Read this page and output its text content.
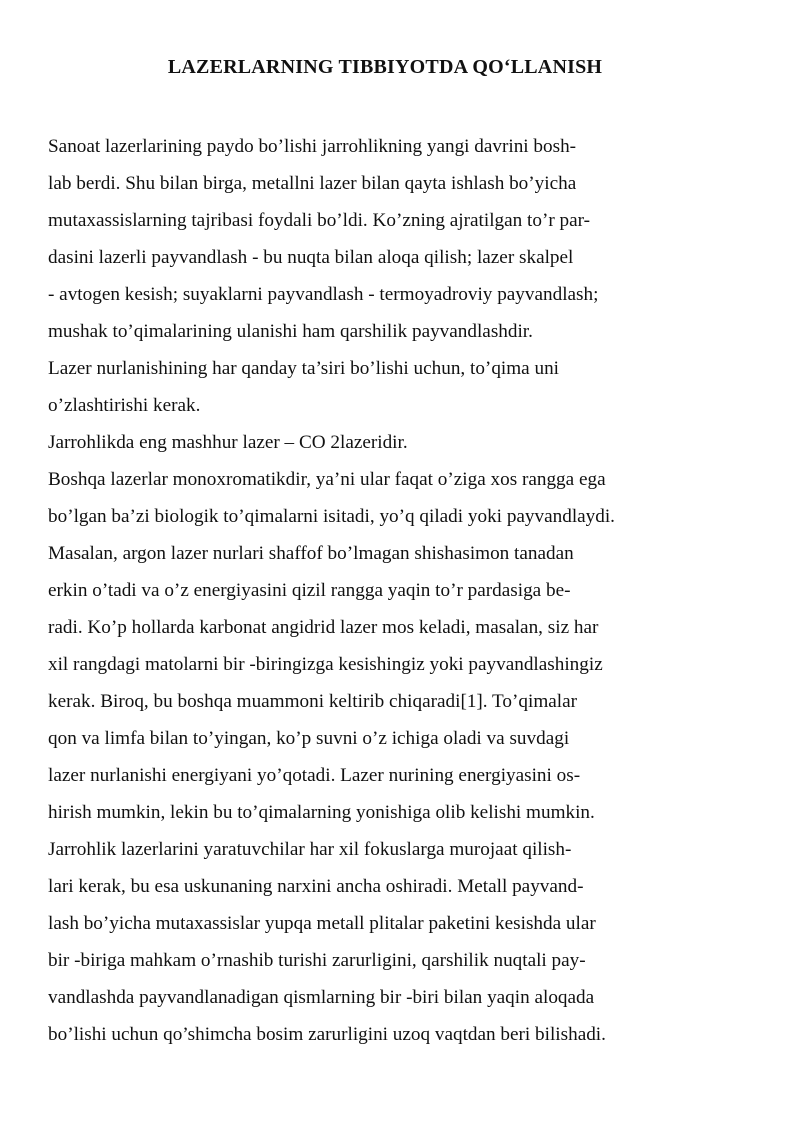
LAZERLARNING TIBBIYOTDA QO‘LLANISH
Sanoat lazerlarining paydo bo’lishi jarrohlikning yangi davrini bosh-
lab berdi. Shu bilan birga, metallni lazer bilan qayta ishlash bo’yicha
mutaxassislarning tajribasi foydali bo’ldi. Ko’zning ajratilgan to’r par-
dasini lazerli payvandlash - bu nuqta bilan aloqa qilish; lazer skalpel
- avtogen kesish; suyaklarni payvandlash - termoyadroviy payvandlash;
mushak to’qimalarining ulanishi ham qarshilik payvandlashdir.
Lazer nurlanishining har qanday ta’siri bo’lishi uchun, to’qima uni
o’zlashtirishi kerak.
Jarrohlikda eng mashhur lazer – CO 2lazeridir.
Boshqa lazerlar monoxromatikdir, ya’ni ular faqat o’ziga xos rangga ega
bo’lgan ba’zi biologik to’qimalarni isitadi, yo’q qiladi yoki payvandlaydi.
Masalan, argon lazer nurlari shaffof bo’lmagan shishasimon tanadan
erkin o’tadi va o’z energiyasini qizil rangga yaqin to’r pardasiga be-
radi. Ko’p hollarda karbonat angidrid lazer mos keladi, masalan, siz har
xil rangdagi matolarni bir -biringizga kesishingiz yoki payvandlashingiz
kerak. Biroq, bu boshqa muammoni keltirib chiqaradi[1]. To’qimalar
qon va limfa bilan to’yingan, ko’p suvni o’z ichiga oladi va suvdagi
lazer nurlanishi energiyani yo’qotadi. Lazer nurining energiyasini os-
hirish mumkin, lekin bu to’qimalarning yonishiga olib kelishi mumkin.
Jarrohlik lazerlarini yaratuvchilar har xil fokuslarga murojaat qilish-
lari kerak, bu esa uskunaning narxini ancha oshiradi. Metall payvand-
lash bo’yicha mutaxassislar yupqa metall plitalar paketini kesishda ular
bir -biriga mahkam o’rnashib turishi zarurligini, qarshilik nuqtali pay-
vandlashda payvandlanadigan qismlarning bir -biri bilan yaqin aloqada
bo’lishi uchun qo’shimcha bosim zarurligini uzoq vaqtdan beri bilishadi.
